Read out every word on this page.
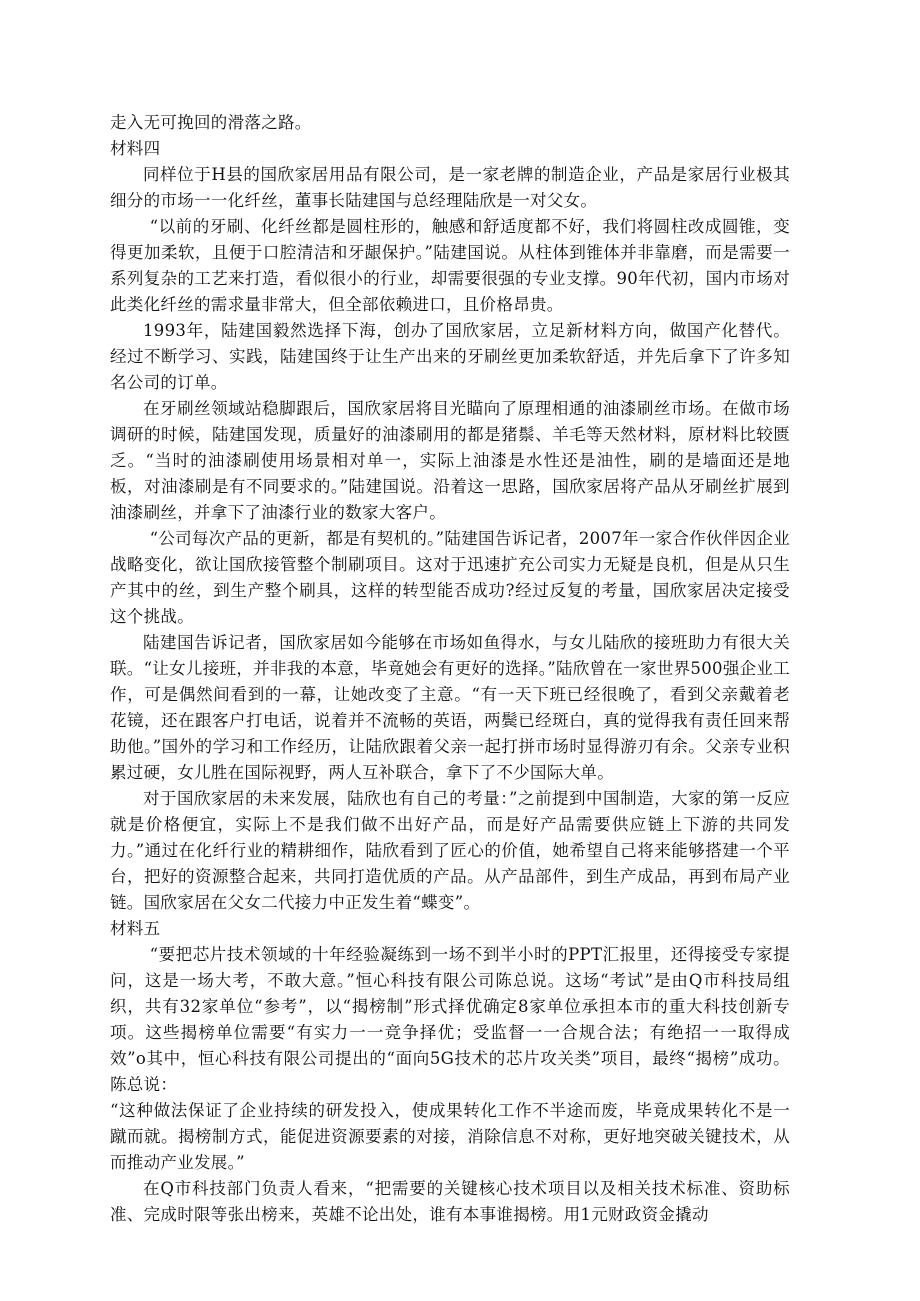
走入无可挽回的滑落之路。

材料四

同样位于H县的国欣家居用品有限公司，是一家老牌的制造企业，产品是家居行业极其细分的市场一一化纤丝，董事长陆建国与总经理陆欣是一对父女。

“以前的牙刷、化纤丝都是圆柱形的，触感和舒适度都不好，我们将圆柱改成圆锥，变得更加柔软，且便于口腔清洁和牙龈保护。”陆建国说。从柱体到锥体并非靠磨，而是需要一系列复杂的工艺来打造，看似很小的行业，却需要很强的专业支撑。90年代初，国内市场对此类化纤丝的需求量非常大，但全部依赖进口，且价格昂贵。

1993年，陆建国毅然选择下海，创办了国欣家居，立足新材料方向，做国产化替代。经过不断学习、实践，陆建国终于让生产出来的牙刷丝更加柔软舒适，并先后拿下了许多知名公司的订单。

在牙刷丝领域站稳脚跟后，国欣家居将目光瞄向了原理相通的油漆刷丝市场。在做市场调研的时候，陆建国发现，质量好的油漆刷用的都是猪鬃、羊毛等天然材料，原材料比较匮乏。“当时的油漆刷使用场景相对单一，实际上油漆是水性还是油性，刷的是墙面还是地板，对油漆刷是有不同要求的。”陆建国说。沿着这一思路，国欣家居将产品从牙刷丝扩展到油漆刷丝，并拿下了油漆行业的数家大客户。

“公司每次产品的更新，都是有契机的。”陆建国告诉记者，2007年一家合作伙伴因企业战略变化，欲让国欣接管整个制刷项目。这对于迅速扩充公司实力无疑是良机，但是从只生产其中的丝，到生产整个刷具，这样的转型能否成功?经过反复的考量，国欣家居决定接受这个挑战。

陆建国告诉记者，国欣家居如今能够在市场如鱼得水，与女儿陆欣的接班助力有很大关联。“让女儿接班，并非我的本意，毕竟她会有更好的选择。”陆欣曾在一家世界500强企业工作，可是偶然间看到的一幕，让她改变了主意。“有一天下班已经很晚了，看到父亲戴着老花镜，还在跟客户打电话，说着并不流畅的英语，两鬓已经斑白，真的觉得我有责任回来帮助他。”国外的学习和工作经历，让陆欣跟着父亲一起打拼市场时显得游刃有余。父亲专业积累过硬，女儿胜在国际视野，两人互补联合，拿下了不少国际大单。

对于国欣家居的未来发展，陆欣也有自己的考量：”之前提到中国制造，大家的第一反应就是价格便宜，实际上不是我们做不出好产品，而是好产品需要供应链上下游的共同发力。”通过在化纤行业的精耕细作，陆欣看到了匠心的价值，她希望自己将来能够搭建一个平台，把好的资源整合起来，共同打造优质的产品。从产品部件，到生产成品，再到布局产业链。国欣家居在父女二代接力中正发生着“蝶变”。

材料五

“要把芯片技术领域的十年经验凝练到一场不到半小时的PPT汇报里，还得接受专家提问，这是一场大考，不敢大意。”恒心科技有限公司陈总说。这场“考试”是由Q市科技局组织，共有32家单位“参考”，以“揭榜制”形式择优确定8家单位承担本市的重大科技创新专项。这些揭榜单位需要“有实力一一竞争择优；受监督一一合规合法；有绝招一一取得成效”o其中，恒心科技有限公司提出的“面向5G技术的芯片攻关类”项目，最终“揭榜”成功。陈总说：

“这种做法保证了企业持续的研发投入，使成果转化工作不半途而废，毕竟成果转化不是一蹴而就。揭榜制方式，能促进资源要素的对接，消除信息不对称，更好地突破关键技术，从而推动产业发展。”

在Q市科技部门负责人看来，“把需要的关键核心技术项目以及相关技术标准、资助标准、完成时限等张出榜来，英雄不论出处，谁有本事谁揭榜。用1元财政资金撬动
